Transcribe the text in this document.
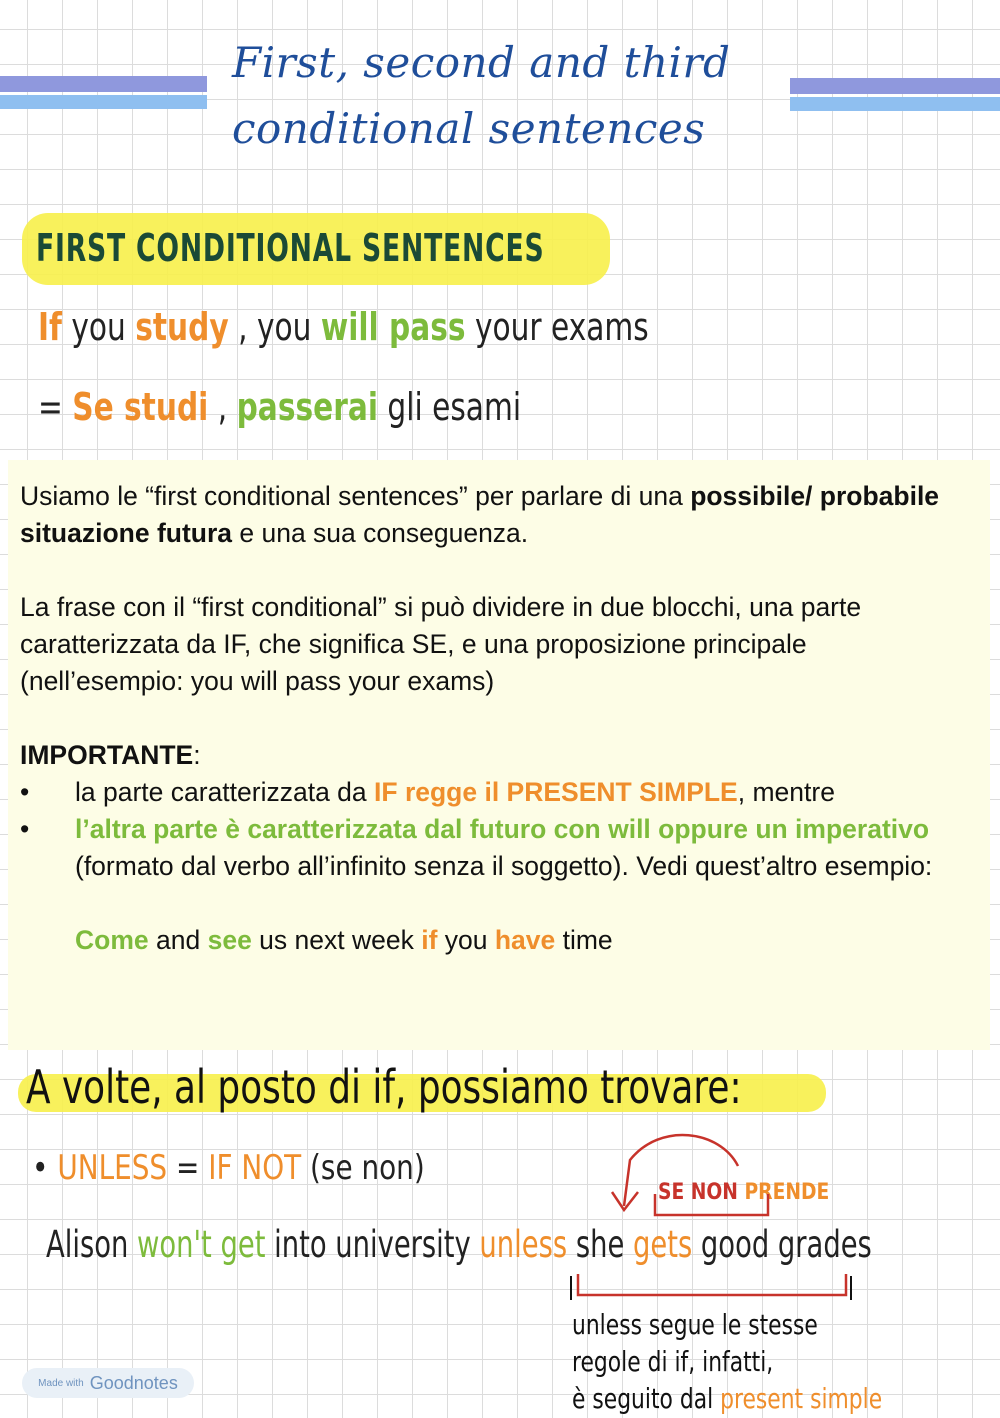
First, second and third
conditional sentences
FIRST CONDITIONAL SENTENCES
If you study , you will pass your exams
= Se studi , passerai gli esami

Usiamo le “first conditional sentences” per parlare di una possibile/ probabile situazione futura e una sua conseguenza.

La frase con il “first conditional” si può dividere in due blocchi, una parte caratterizzata da IF, che significa SE, e una proposizione principale (nell’esempio: you will pass your exams)

IMPORTANTE:

• la parte caratterizzata da IF regge il PRESENT SIMPLE, mentre

• l’altra parte è caratterizzata dal futuro con will oppure un imperativo (formato dal verbo all’infinito senza il soggetto). Vedi quest’altro esempio:

Come and see us next week if you have time

A volte, al posto di if, possiamo trovare:
• UNLESS = IF NOT (se non)
SE NON PRENDE
Alison won't get into university unless she gets good grades

unless segue le stesse

regole di if, infatti,

è seguito dal present simple

Made with Goodnotes
